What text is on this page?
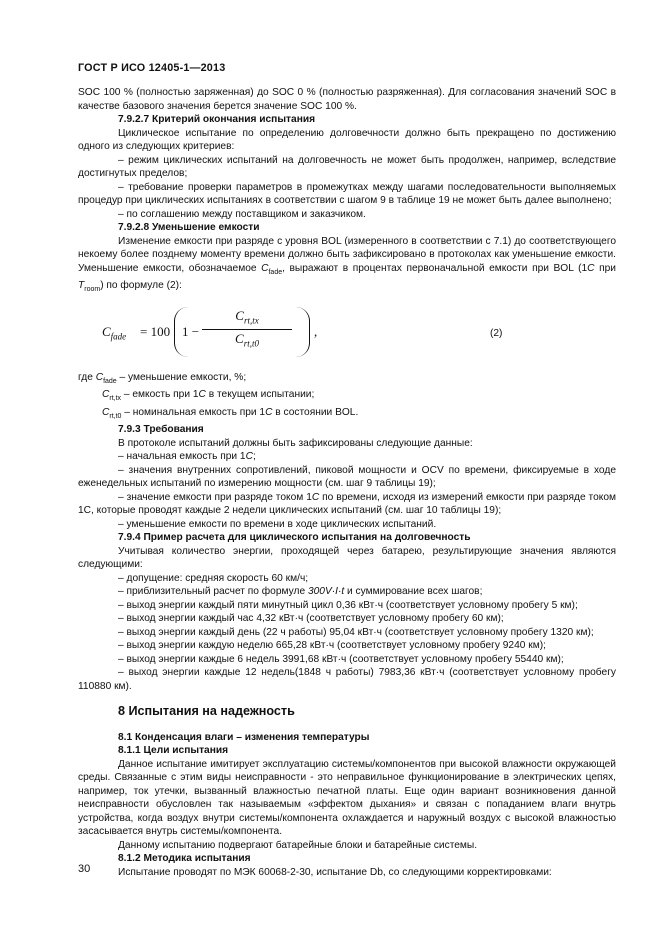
ГОСТ Р ИСО 12405-1—2013

SOC 100 % (полностью заряженная) до SOC 0 % (полностью разряженная). Для согласования значений SOC в качестве базового значения берется значение SOC 100 %.

7.9.2.7 Критерий окончания испытания

Циклическое испытание по определению долговечности должно быть прекращено по достижению одного из следующих критериев:

– режим циклических испытаний на долговечность не может быть продолжен, например, вследствие достигнутых пределов;

– требование проверки параметров в промежутках между шагами последовательности выполняемых процедур при циклических испытаниях в соответствии с шагом 9 в таблице 19 не может быть далее выполнено;

– по соглашению между поставщиком и заказчиком.

7.9.2.8 Уменьшение емкости

Изменение емкости при разряде с уровня BOL (измеренного в соответствии с 7.1) до соответствующего некоему более позднему моменту времени должно быть зафиксировано в протоколах как уменьшение емкости. Уменьшение емкости, обозначаемое $C_{fade}$, выражают в процентах первоначальной емкости при BOL (1C при $T_{room}$) по формуле (2):

$C_{fade} = 100$ 1 −
$C_{rt,tx}$
$C_{rt,t0}$
,	(2)

где $C_{fade}$ – уменьшение емкости, %;

$C_{rt,tx}$ – емкость при 1C в текущем испытании;

$C_{rt,t0}$ – номинальная емкость при 1C в состоянии BOL.

7.9.3 Требования

В протоколе испытаний должны быть зафиксированы следующие данные:

– начальная емкость при 1C;

– значения внутренних сопротивлений, пиковой мощности и OCV по времени, фиксируемые в ходе еженедельных испытаний по измерению мощности (см. шаг 9 таблицы 19);

– значение емкости при разряде током 1C по времени, исходя из измерений емкости при разряде током 1C, которые проводят каждые 2 недели циклических испытаний (см. шаг 10 таблицы 19);

– уменьшение емкости по времени в ходе циклических испытаний.

7.9.4 Пример расчета для циклического испытания на долговечность

Учитывая количество энергии, проходящей через батарею, результирующие значения являются следующими:

– допущение: средняя скорость 60 км/ч;

– приблизительный расчет по формуле 300V·I·t и суммирование всех шагов;

– выход энергии каждый пяти минутный цикл 0,36 кВт·ч (соответствует условному пробегу 5 км);

– выход энергии каждый час 4,32 кВт·ч (соответствует условному пробегу 60 км);

– выход энергии каждый день (22 ч работы) 95,04 кВт·ч (соответствует условному пробегу 1320 км);

– выход энергии каждую неделю 665,28 кВт·ч (соответствует условному пробегу 9240 км);

– выход энергии каждые 6 недель 3991,68 кВт·ч (соответствует условному пробегу 55440 км);

– выход энергии каждые 12 недель(1848 ч работы) 7983,36 кВт·ч (соответствует условному пробегу 110880 км).

8 Испытания на надежность

8.1 Конденсация влаги – изменения температуры

8.1.1 Цели испытания

Данное испытание имитирует эксплуатацию системы/компонентов при высокой влажности окружающей среды. Связанные с этим виды неисправности - это неправильное функционирование в электрических цепях, например, ток утечки, вызванный влажностью печатной платы. Еще один вариант возникновения данной неисправности обусловлен так называемым «эффектом дыхания» и связан с попаданием влаги внутрь устройства, когда воздух внутри системы/компонента охлаждается и наружный воздух с высокой влажностью засасывается внутрь системы/компонента.

Данному испытанию подвергают батарейные блоки и батарейные системы.

8.1.2 Методика испытания

Испытание проводят по МЭК 60068-2-30, испытание Db, со следующими корректировками:

30
